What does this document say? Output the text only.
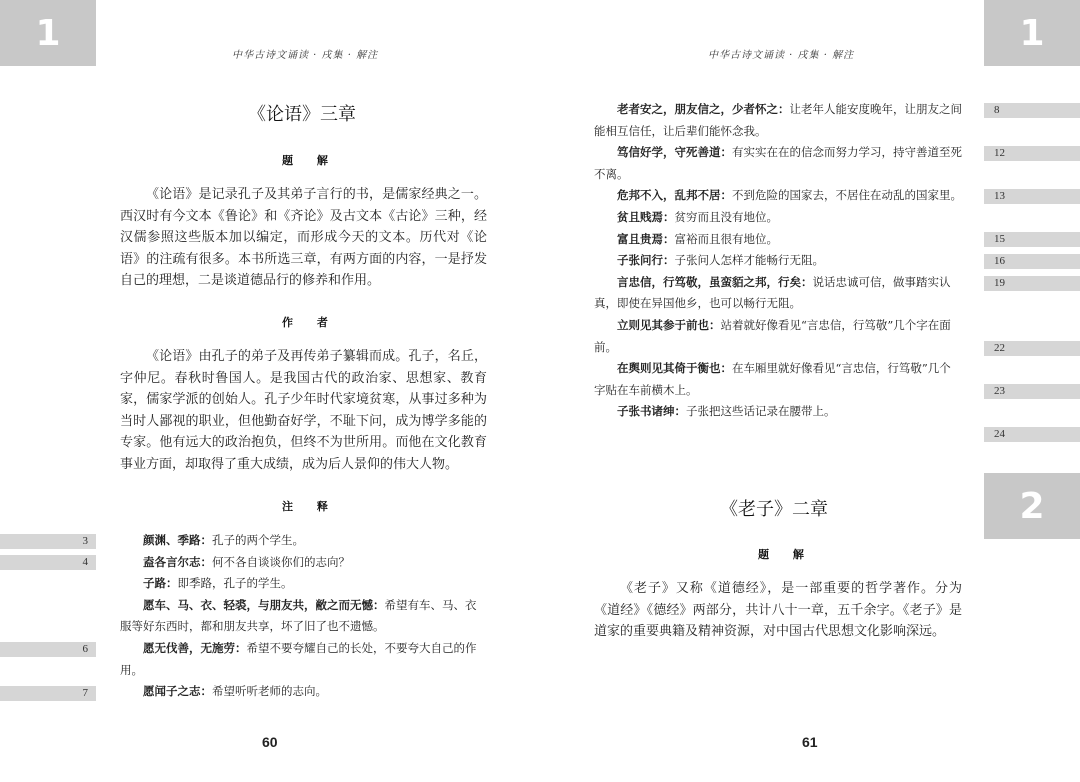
1
中华古诗文诵读 · 戌集 · 解注
《论语》三章
题 解

《论语》是记录孔子及其弟子言行的书，是儒家经典之一。西汉时有今文本《鲁论》和《齐论》及古文本《古论》三种，经汉儒参照这些版本加以编定，而形成今天的文本。历代对《论语》的注疏有很多。本书所选三章，有两方面的内容，一是抒发自己的理想，二是谈道德品行的修养和作用。

作 者

《论语》由孔子的弟子及再传弟子纂辑而成。孔子，名丘，字仲尼。春秋时鲁国人。是我国古代的政治家、思想家、教育家，儒家学派的创始人。孔子少年时代家境贫寒，从事过多种为当时人鄙视的职业，但他勤奋好学，不耻下问，成为博学多能的专家。他有远大的政治抱负，但终不为世所用。而他在文化教育事业方面，却取得了重大成绩，成为后人景仰的伟大人物。

注 释
颜渊、季路：孔子的两个学生。
盍各言尔志：何不各自谈谈你们的志向？
子路：即季路，孔子的学生。
愿车、马、衣、轻裘，与朋友共，敝之而无憾：希望有车、马、衣服等好东西时，都和朋友共享，坏了旧了也不遗憾。
愿无伐善，无施劳：希望不要夸耀自己的长处，不要夸大自己的作用。
愿闻子之志：希望听听老师的志向。
3
4
6
7
60
1
中华古诗文诵读 · 戌集 · 解注
老者安之，朋友信之，少者怀之：让老年人能安度晚年，让朋友之间能相互信任，让后辈们能怀念我。
笃信好学，守死善道：有实实在在的信念而努力学习，持守善道至死不离。
危邦不入，乱邦不居：不到危险的国家去，不居住在动乱的国家里。
贫且贱焉：贫穷而且没有地位。
富且贵焉：富裕而且很有地位。
子张问行：子张问人怎样才能畅行无阻。
言忠信，行笃敬，虽蛮貊之邦，行矣：说话忠诚可信，做事踏实认真，即使在异国他乡，也可以畅行无阻。
立则见其参于前也：站着就好像看见“言忠信，行笃敬”几个字在面前。
在舆则见其倚于衡也：在车厢里就好像看见“言忠信，行笃敬”几个字贴在车前横木上。
子张书诸绅：子张把这些话记录在腰带上。
8
12
13
15
16
19
22
23
24
2
《老子》二章
题 解

《老子》又称《道德经》，是一部重要的哲学著作。分为《道经》《德经》两部分，共计八十一章，五千余字。《老子》是道家的重要典籍及精神资源，对中国古代思想文化影响深远。

61
